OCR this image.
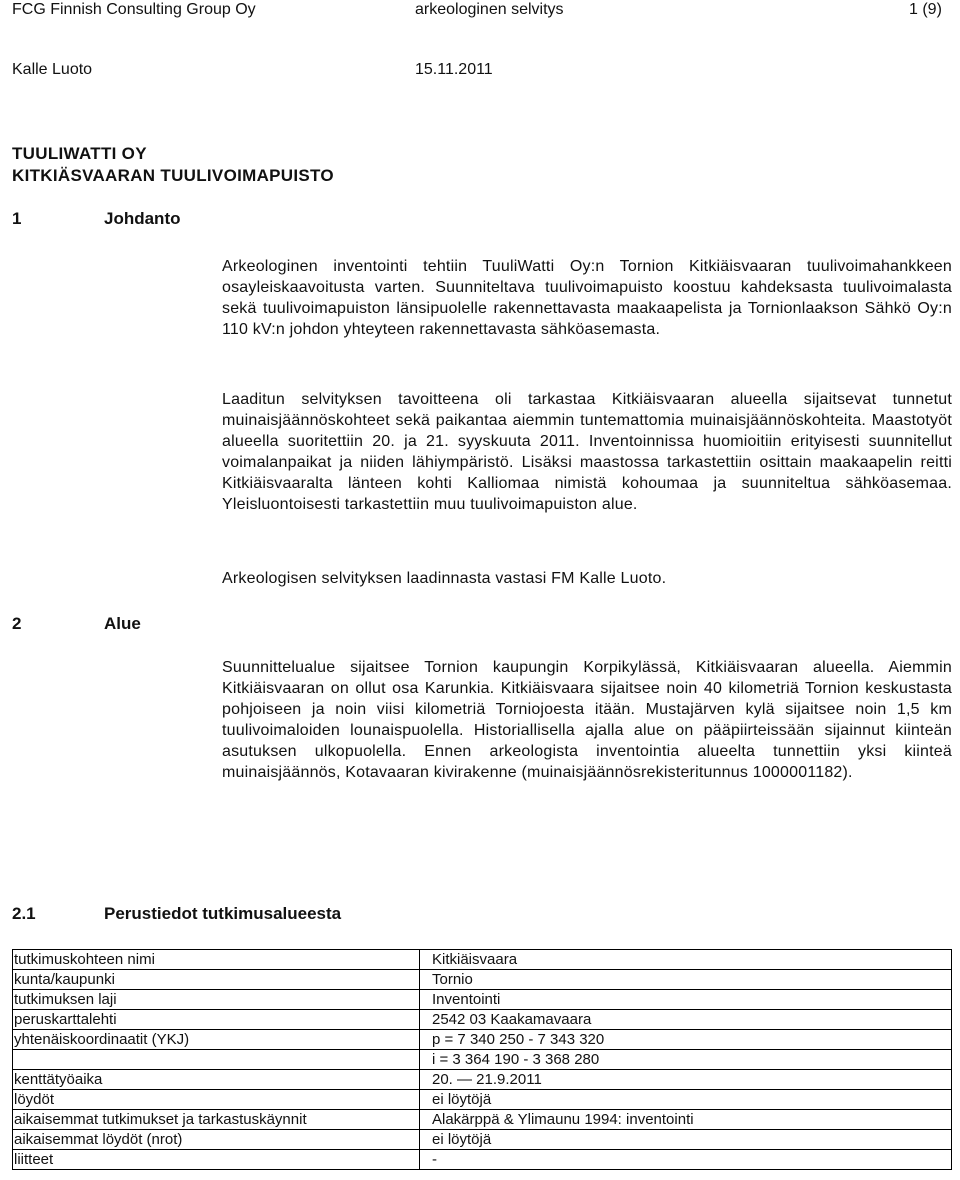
FCG Finnish Consulting Group Oy	arkeologinen selvitys	1 (9)
Kalle Luoto	15.11.2011
TUULIWATTI OY
KITKIÄSVAARAN TUULIVOIMAPUISTO
1	Johdanto

Arkeologinen inventointi tehtiin TuuliWatti Oy:n Tornion Kitkiäisvaaran tuulivoimahankkeen osayleiskaavoitusta varten. Suunniteltava tuulivoimapuisto koostuu kahdeksasta tuulivoimalasta sekä tuulivoimapuiston länsipuolelle rakennettavasta maakaapelista ja Tornionlaakson Sähkö Oy:n 110 kV:n johdon yhteyteen rakennettavasta sähköasemasta.

Laaditun selvityksen tavoitteena oli tarkastaa Kitkiäisvaaran alueella sijaitsevat tunnetut muinaisjäännöskohteet sekä paikantaa aiemmin tuntemattomia muinaisjäännöskohteita. Maastotyöt alueella suoritettiin 20. ja 21. syyskuuta 2011. Inventoinnissa huomioitiin erityisesti suunnitellut voimalanpaikat ja niiden lähiympäristö. Lisäksi maastossa tarkastettiin osittain maakaapelin reitti Kitkiäisvaaralta länteen kohti Kalliomaa nimistä kohoumaa ja suunniteltua sähköasemaa. Yleisluontoisesti tarkastettiin muu tuulivoimapuiston alue.

Arkeologisen selvityksen laadinnasta vastasi FM Kalle Luoto.

2	Alue

Suunnittelualue sijaitsee Tornion kaupungin Korpikylässä, Kitkiäisvaaran alueella. Aiemmin Kitkiäisvaaran on ollut osa Karunkia. Kitkiäisvaara sijaitsee noin 40 kilometriä Tornion keskustasta pohjoiseen ja noin viisi kilometriä Torniojoesta itään. Mustajärven kylä sijaitsee noin 1,5 km tuulivoimaloiden lounaispuolella. Historiallisella ajalla alue on pääpiirteissään sijainnut kiinteän asutuksen ulkopuolella. Ennen arkeologista inventointia alueelta tunnettiin yksi kiinteä muinaisjäännös, Kotavaaran kivirakenne (muinaisjäännösrekisteritunnus 1000001182).

2.1	Perustiedot tutkimusalueesta
tutkimuskohteen nimi	Kitkiäisvaara
kunta/kaupunki	Tornio
tutkimuksen laji	Inventointi
peruskarttalehti	2542 03 Kaakamavaara
yhtenäiskoordinaatit (YKJ)	p = 7 340 250 - 7 343 320
	i = 3 364 190 - 3 368 280
kenttätyöaika	20. — 21.9.2011
löydöt	ei löytöjä
aikaisemmat tutkimukset ja tarkastuskäynnit	Alakärppä & Ylimaunu 1994: inventointi
aikaisemmat löydöt (nrot)	ei löytöjä
liitteet	-
